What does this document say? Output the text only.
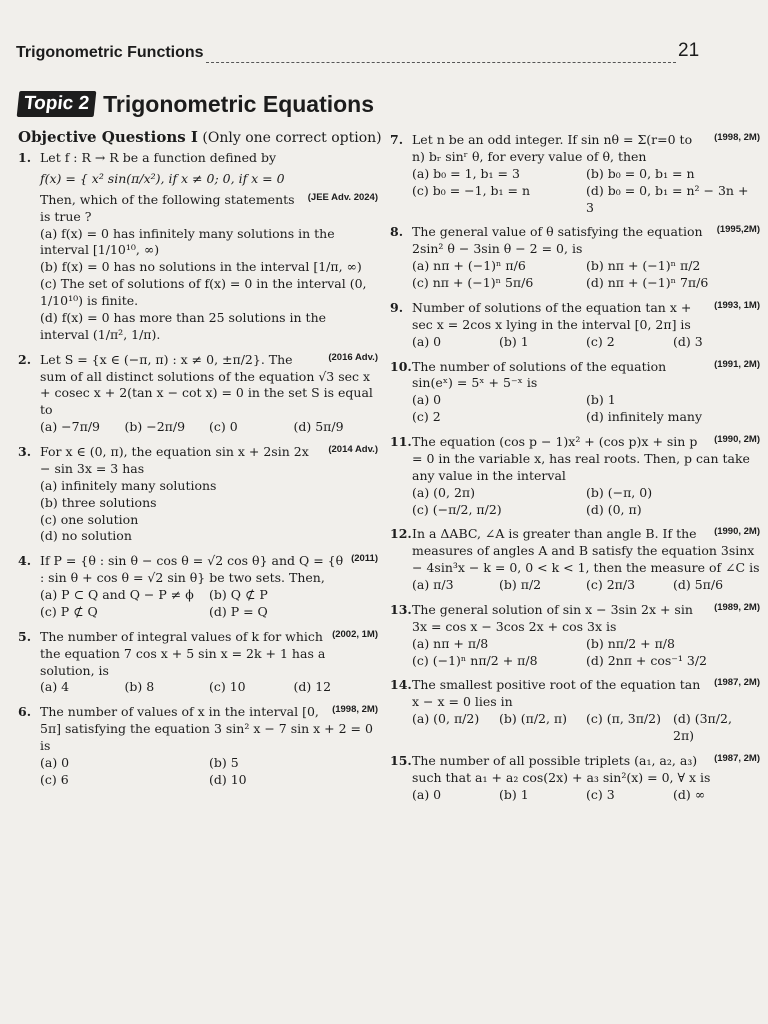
Trigonometric Functions	21
Topic 2 Trigonometric Equations
Objective Questions I (Only one correct option)
1. Let f : R → R be a function defined by
f(x) = { x² sin(π/x²), if x ≠ 0; 0, if x = 0
(JEE Adv. 2024)
Then, which of the following statements is true ?
(a) f(x) = 0 has infinitely many solutions in the interval [1/10¹⁰, ∞)
(b) f(x) = 0 has no solutions in the interval [1/π, ∞)
(c) The set of solutions of f(x) = 0 in the interval (0, 1/10¹⁰) is finite.
(d) f(x) = 0 has more than 25 solutions in the interval (1/π², 1/π).
2.	(2016 Adv.)
Let S = {x ∈ (−π, π) : x ≠ 0, ±π/2}. The sum of all distinct solutions of the equation √3 sec x + cosec x + 2(tan x − cot x) = 0 in the set S is equal to
(a) −7π/9	(b) −2π/9	(c) 0	(d) 5π/9
3.	(2014 Adv.)
For x ∈ (0, π), the equation sin x + 2sin 2x − sin 3x = 3 has
(a) infinitely many solutions
(b) three solutions
(c) one solution
(d) no solution
4.	(2011)
If P = {θ : sin θ − cos θ = √2 cos θ} and Q = {θ : sin θ + cos θ = √2 sin θ} be two sets. Then,
(a) P ⊂ Q and Q − P ≠ ϕ	(b) Q ⊄ P
(c) P ⊄ Q	(d) P = Q
5.	(2002, 1M)
The number of integral values of k for which the equation 7 cos x + 5 sin x = 2k + 1 has a solution, is
(a) 4	(b) 8	(c) 10	(d) 12
6.	(1998, 2M)
The number of values of x in the interval [0, 5π] satisfying the equation 3 sin² x − 7 sin x + 2 = 0 is
(a) 0	(b) 5
(c) 6	(d) 10
7.	(1998, 2M)
Let n be an odd integer. If sin nθ = Σ(r=0 to n) bᵣ sinʳ θ, for every value of θ, then
(a) b₀ = 1, b₁ = 3	(b) b₀ = 0, b₁ = n
(c) b₀ = −1, b₁ = n	(d) b₀ = 0, b₁ = n² − 3n + 3
8.	(1995,2M)
The general value of θ satisfying the equation 2sin² θ − 3sin θ − 2 = 0, is
(a) nπ + (−1)ⁿ π/6	(b) nπ + (−1)ⁿ π/2
(c) nπ + (−1)ⁿ 5π/6	(d) nπ + (−1)ⁿ 7π/6
9.	(1993, 1M)
Number of solutions of the equation tan x + sec x = 2cos x lying in the interval [0, 2π] is
(a) 0	(b) 1	(c) 2	(d) 3
10.	(1991, 2M)
The number of solutions of the equation sin(eˣ) = 5ˣ + 5⁻ˣ is
(a) 0	(b) 1
(c) 2	(d) infinitely many
11.	(1990, 2M)
The equation (cos p − 1)x² + (cos p)x + sin p = 0 in the variable x, has real roots. Then, p can take any value in the interval
(a) (0, 2π)	(b) (−π, 0)
(c) (−π/2, π/2)	(d) (0, π)
12.	(1990, 2M)
In a ΔABC, ∠A is greater than angle B. If the measures of angles A and B satisfy the equation 3sinx − 4sin³x − k = 0, 0 < k < 1, then the measure of ∠C is
(a) π/3	(b) π/2	(c) 2π/3	(d) 5π/6
13.	(1989, 2M)
The general solution of sin x − 3sin 2x + sin 3x = cos x − 3cos 2x + cos 3x is
(a) nπ + π/8	(b) nπ/2 + π/8
(c) (−1)ⁿ nπ/2 + π/8	(d) 2nπ + cos⁻¹ 3/2
14.	(1987, 2M)
The smallest positive root of the equation tan x − x = 0 lies in
(a) (0, π/2)	(b) (π/2, π)	(c) (π, 3π/2) (d) (3π/2, 2π)
15.	(1987, 2M)
The number of all possible triplets (a₁, a₂, a₃) such that a₁ + a₂ cos(2x) + a₃ sin²(x) = 0, ∀ x is
(a) 0	(b) 1	(c) 3	(d) ∞
